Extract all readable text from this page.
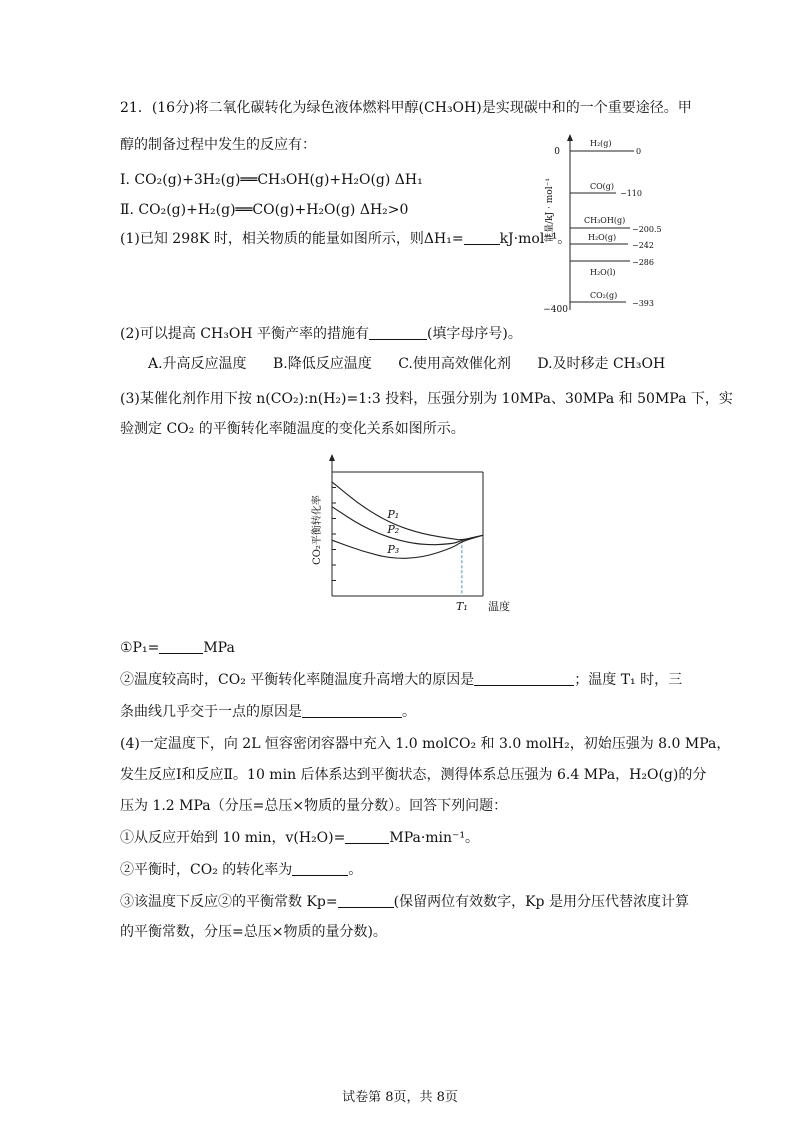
21．(16分)将二氧化碳转化为绿色液体燃料甲醇(CH₃OH)是实现碳中和的一个重要途径。甲
醇的制备过程中发生的反应有：
Ⅰ. CO₂(g)+3H₂(g)══CH₃OH(g)+H₂O(g) ΔH₁
Ⅱ. CO₂(g)+H₂(g)══CO(g)+H₂O(g) ΔH₂>0
(1)已知 298K 时，相关物质的能量如图所示，则ΔH₁=	kJ·mol⁻¹。
0
−400
能量/kJ · mol⁻¹
H₂(g)
0
CO(g)
−110
CH₃OH(g)
−200.5
H₂O(g)
−242
H₂O(l)
−286
CO₂(g)
−393
(2)可以提高 CH₃OH 平衡产率的措施有	(填字母序号)。
A.升高反应温度 B.降低反应温度 C.使用高效催化剂 D.及时移走 CH₃OH
(3)某催化剂作用下按 n(CO₂):n(H₂)=1:3 投料，压强分别为 10MPa、30MPa 和 50MPa 下，实
验测定 CO₂ 的平衡转化率随温度的变化关系如图所示。
P₁
P₂
P₃
T₁ 温度
CO₂平衡转化率
①P₁=	MPa
②温度较高时，CO₂ 平衡转化率随温度升高增大的原因是	；温度 T₁ 时，三
条曲线几乎交于一点的原因是	。
(4)一定温度下，向 2L 恒容密闭容器中充入 1.0 molCO₂ 和 3.0 molH₂，初始压强为 8.0 MPa，
发生反应Ⅰ和反应Ⅱ。10 min 后体系达到平衡状态，测得体系总压强为 6.4 MPa，H₂O(g)的分
压为 1.2 MPa（分压=总压×物质的量分数）。回答下列问题：
①从反应开始到 10 min，v(H₂O)=	MPa·min⁻¹。
②平衡时，CO₂ 的转化率为	。
③该温度下反应②的平衡常数 Kp=	(保留两位有效数字，Kp 是用分压代替浓度计算
的平衡常数，分压=总压×物质的量分数)。
试卷第 8页，共 8页
